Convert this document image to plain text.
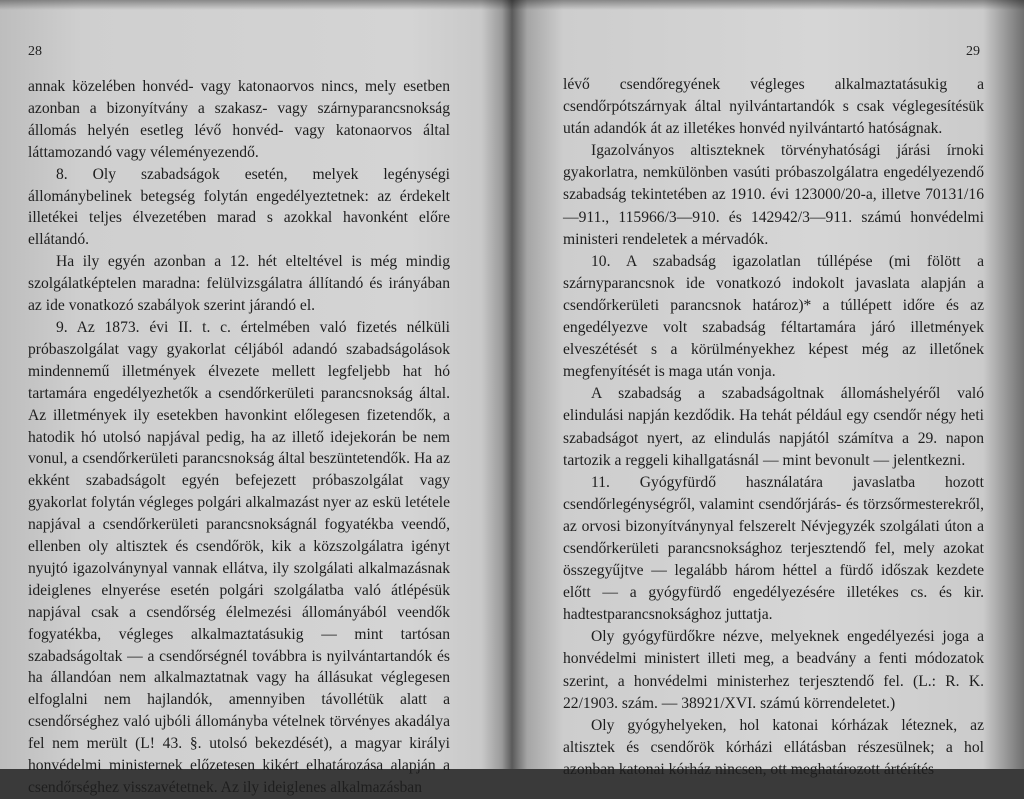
28

annak közelében honvéd- vagy katonaorvos nincs, mely esetben azonban a bizonyítvány a szakasz- vagy szárnyparancsnokság állomás helyén esetleg lévő honvéd- vagy katonaorvos által láttamozandó vagy véleményezendő.

8. Oly szabadságok esetén, melyek legénységi állománybelinek betegség folytán engedélyeztetnek: az érdekelt illetékei teljes élvezetében marad s azokkal havonként előre ellátandó.

Ha ily egyén azonban a 12. hét elteltével is még mindig szolgálatképtelen maradna: felülvizsgálatra állítandó és irányában az ide vonatkozó szabályok szerint járandó el.

9. Az 1873. évi II. t. c. értelmében való fizetés nélküli próbaszolgálat vagy gyakorlat céljából adandó szabadságolások mindennemű illetmények élvezete mellett legfeljebb hat hó tartamára engedélyezhetők a csendőrkerületi parancsnokság által. Az illetmények ily esetekben havonkint előlegesen fizetendők, a hatodik hó utolsó napjával pedig, ha az illető idejekorán be nem vonul, a csendőrkerületi parancsnokság által beszüntetendők. Ha az ekként szabadságolt egyén befejezett próbaszolgálat vagy gyakorlat folytán végleges polgári alkalmazást nyer az eskü letétele napjával a csendőrkerületi parancsnokságnál fogyatékba veendő, ellenben oly altisztek és csendőrök, kik a közszolgálatra igényt nyujtó igazolványnyal vannak ellátva, ily szolgálati alkalmazásnak ideiglenes elnyerése esetén polgári szolgálatba való átlépésük napjával csak a csendőrség élelmezési állományából veendők fogyatékba, végleges alkalmaztatásukig — mint tartósan szabadságoltak — a csendőrségnél továbbra is nyilvántartandók és ha állandóan nem alkalmaztatnak vagy ha állásukat véglegesen elfoglalni nem hajlandók, amennyiben távollétük alatt a csendőrséghez való ujbóli állományba vételnek törvényes akadálya fel nem merült (L! 43. §. utolsó bekezdését), a magyar királyi honvédelmi ministernek előzetesen kikért elhatározása alapján a csendőrséghez visszavétetnek. Az ily ideiglenes alkalmazásban

29

lévő csendőregyének végleges alkalmaztatásukig a csendőrpótszárnyak által nyilvántartandók s csak véglegesítésük után adandók át az illetékes honvéd nyilvántartó hatóságnak.

Igazolványos altiszteknek törvényhatósági járási írnoki gyakorlatra, nemkülönben vasúti próbaszolgálatra engedélyezendő szabadság tekintetében az 1910. évi 123000/20-a, illetve 70131/16—911., 115966/3—910. és 142942/3—911. számú honvédelmi ministeri rendeletek a mérvadók.

10. A szabadság igazolatlan túllépése (mi fölött a szárnyparancsnok ide vonatkozó indokolt javaslata alapján a csendőrkerületi parancsnok határoz)* a túllépett időre és az engedélyezve volt szabadság féltartamára járó illetmények elveszétését s a körülményekhez képest még az illetőnek megfenyítését is maga után vonja.

A szabadság a szabadságoltnak állomáshelyéről való elindulási napján kezdődik. Ha tehát például egy csendőr négy heti szabadságot nyert, az elindulás napjától számítva a 29. napon tartozik a reggeli kihallgatásnál — mint bevonult — jelentkezni.

11. Gyógyfürdő használatára javaslatba hozott csendőrlegénységről, valamint csendőrjárás- és törzsőrmesterekről, az orvosi bizonyítványnyal felszerelt Névjegyzék szolgálati úton a csendőrkerületi parancsnoksághoz terjesztendő fel, mely azokat összegyűjtve — legalább három héttel a fürdő időszak kezdete előtt — a gyógyfürdő engedélyezésére illetékes cs. és kir. hadtestparancsnoksághoz juttatja.

Oly gyógyfürdőkre nézve, melyeknek engedélyezési joga a honvédelmi ministert illeti meg, a beadvány a fenti módozatok szerint, a honvédelmi ministerhez terjesztendő fel. (L.: R. K. 22/1903. szám. — 38921/XVI. számú körrendeletet.)

Oly gyógyhelyeken, hol katonai kórházak léteznek, az altisztek és csendőrök kórházi ellátásban részesülnek; a hol azonban katonai kórház nincsen, ott meghatározott ártérítés
